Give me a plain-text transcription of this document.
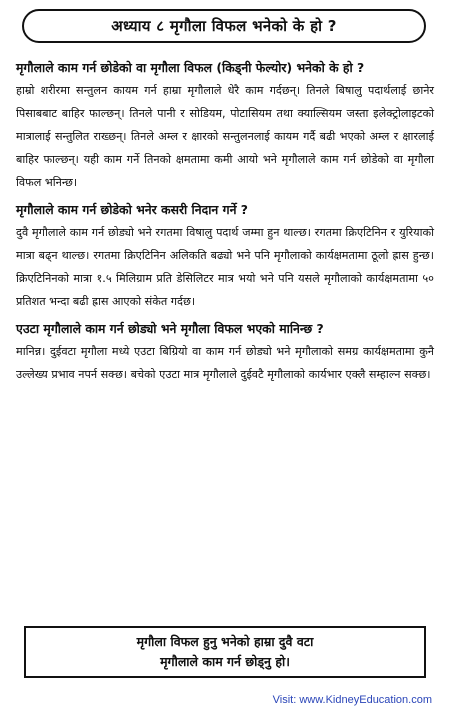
अध्याय ८ मृगौला विफल भनेको के हो ?
मृगौलाले काम गर्न छोडेको वा मृगौला विफल (किड्नी फेल्योर) भनेको के हो ?

हाम्रो शरीरमा सन्तुलन कायम गर्न हाम्रा मृगौलाले धेरै काम गर्दछन्। तिनले बिषालु पदार्थलाई छानेर पिसाबबाट बाहिर फाल्छन्। तिनले पानी र सोडियम, पोटासियम तथा क्याल्सियम जस्ता इलेक्ट्रोलाइटको मात्रालाई सन्तुलित राख्छन्। तिनले अम्ल र क्षारको सन्तुलनलाई कायम गर्दै बढी भएको अम्ल र क्षारलाई बाहिर फाल्छन्। यही काम गर्ने तिनको क्षमतामा कमी आयो भने मृगौलाले काम गर्न छोडेको वा मृगौला विफल भनिन्छ।

मृगौलाले काम गर्न छोडेको भनेर कसरी निदान गर्ने ?

दुवै मृगौलाले काम गर्न छोड्यो भने रगतमा विषालु पदार्थ जम्मा हुन थाल्छ। रगतमा क्रिएटिनिन र युरियाको मात्रा बढ्न थाल्छ। रगतमा क्रिएटिनिन अलिकति बढ्यो भने पनि मृगौलाको कार्यक्षमतामा ठूलो ह्रास हुन्छ। क्रिएटिनिनको मात्रा १.५ मिलिग्राम प्रति डेसिलिटर मात्र भयो भने पनि यसले मृगौलाको कार्यक्षमतामा ५० प्रतिशत भन्दा बढी ह्रास आएको संकेत गर्दछ।

एउटा मृगौलाले काम गर्न छोड्यो भने मृगौला विफल भएको मानिन्छ ?

मानिन्न। दुईवटा मृगौला मध्ये एउटा बिग्रियो वा काम गर्न छोड्यो भने मृगौलाको समग्र कार्यक्षमतामा कुनै उल्लेख्य प्रभाव नपर्न सक्छ। बचेको एउटा मात्र मृगौलाले दुईवटै मृगौलाको कार्यभार एक्लै सम्हाल्न सक्छ।

मृगौला विफल हुनु भनेको हाम्रा दुवै वटा
मृगौलाले काम गर्न छोड्नु हो।
Visit: www.KidneyEducation.com
